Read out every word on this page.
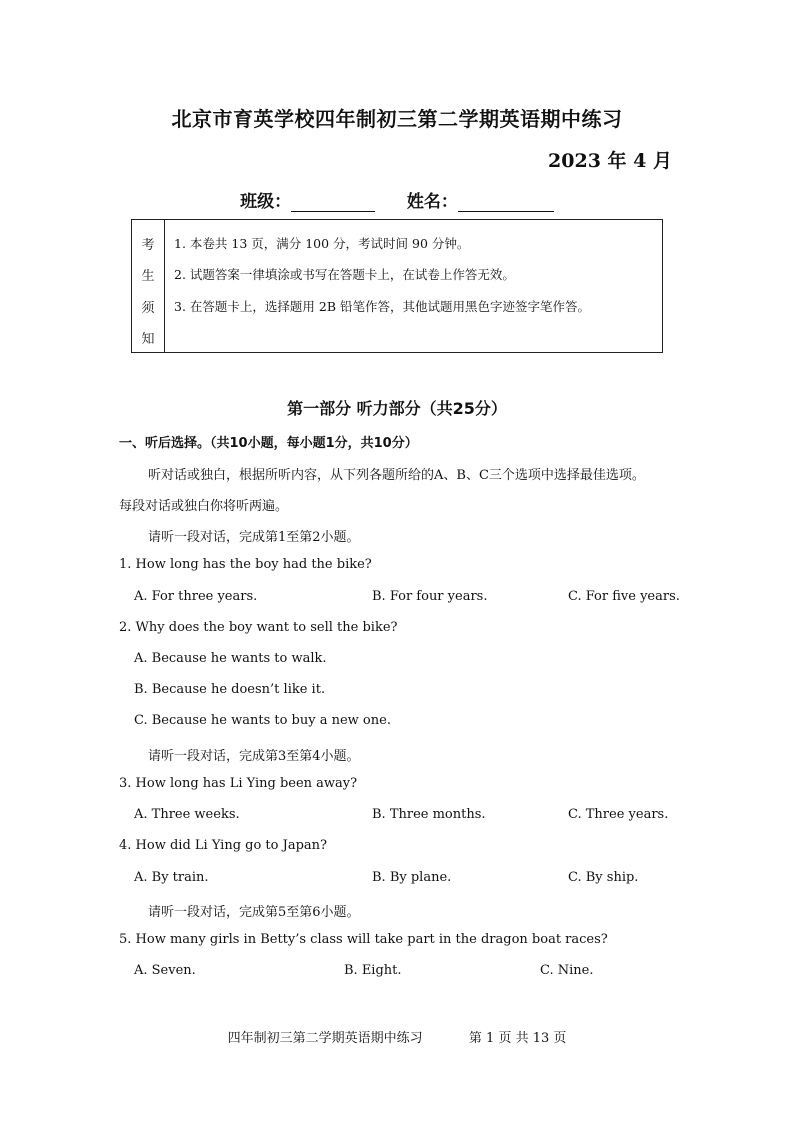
北京市育英学校四年制初三第二学期英语期中练习
2023 年 4 月
班级：	姓名：
考
生
须
知
1. 本卷共 13 页，满分 100 分，考试时间 90 分钟。
2. 试题答案一律填涂或书写在答题卡上，在试卷上作答无效。
3. 在答题卡上，选择题用 2B 铅笔作答，其他试题用黑色字迹签字笔作答。
第一部分 听力部分（共25分）
一、听后选择。（共10小题，每小题1分，共10分）
听对话或独白，根据所听内容，从下列各题所给的A、B、C三个选项中选择最佳选项。
每段对话或独白你将听两遍。
请听一段对话，完成第1至第2小题。
1. How long has the boy had the bike?
A. For three years.	B. For four years.	C. For five years.
2. Why does the boy want to sell the bike?
A. Because he wants to walk.
B. Because he doesn’t like it.
C. Because he wants to buy a new one.
请听一段对话，完成第3至第4小题。
3. How long has Li Ying been away?
A. Three weeks.	B. Three months.	C. Three years.
4. How did Li Ying go to Japan?
A. By train.	B. By plane.	C. By ship.
请听一段对话，完成第5至第6小题。
5. How many girls in Betty’s class will take part in the dragon boat races?
A. Seven.	B. Eight.	C. Nine.
四年制初三第二学期英语期中练习	第 1 页 共 13 页
